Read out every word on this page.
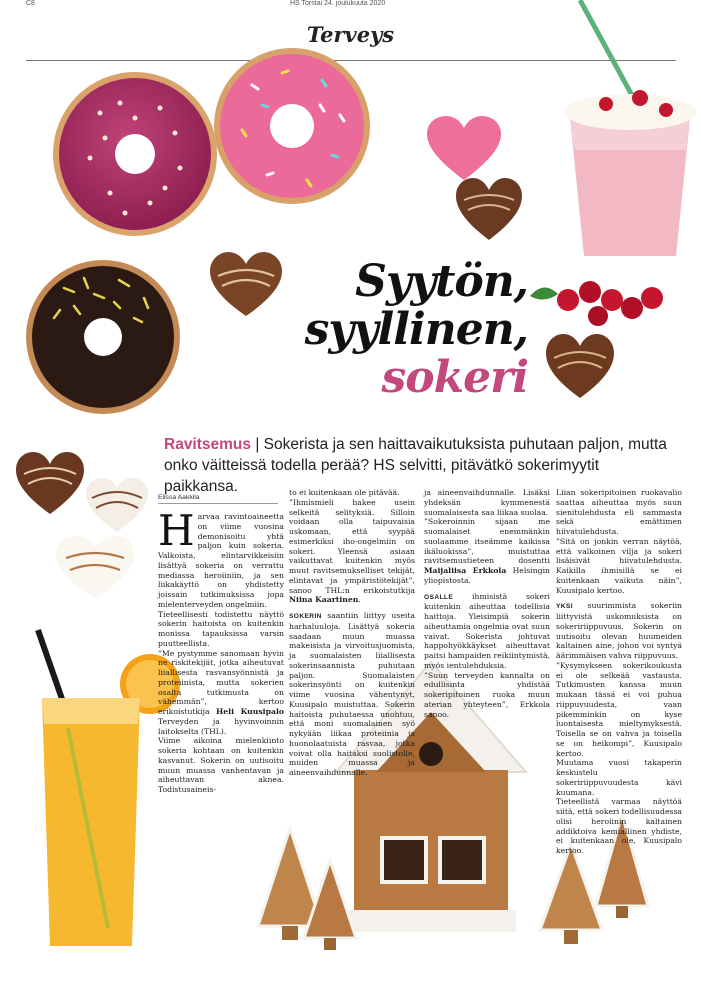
C8	HS Torstai 24. joulukuuta 2020
Terveys
Syytön,
syyllinen,
sokeri
Ravitsemus | Sokerista ja sen haittavaikutuksista puhutaan paljon, mutta onko väitteissä todella perää? HS selvitti, pitävätkö sokerimyytit paikkansa.
Elissa Aakkila

Harvaa ravintoaineetta on viime vuosina demonisoitu yhtä paljon kuin sokeria. Valkoista, elintarvikkeisiin lisättyä sokeria on verrattu mediassa heroiiniin, ja sen liikakäyttö on yhdistetty joissain tutkimuksissa jopa mielenterveyden ongelmiin.

Tieteellisesti todistettu näyttö sokerin haitoista on kuitenkin monissa tapauksissa varsin puutteellista.

”Me pystymme sanomaan hyvin ne riskitekijät, jotka aiheutuvat liiallisesta rasvansyönnistä ja proteiinista, mutta sokerien osalta tutkimusta on vähemmän”, kertoo erikoistutkija Heli Kuusipalo Terveyden ja hyvinvoinnin laitokselta (THL).

Viime aikoina mielenkiinto sokeria kohtaan on kuitenkin kasvanut. Sokerin on uutisoitu muun muassa vanhentavan ja aiheuttavan akneа. Todistusaineis-

to ei kuitenkaan ole pitävää.

”Ihmismieli hakee usein selkeitä selityksiä. Silloin voidaan olla taipuvaisia uskomaan, että syypää esimerkiksi iho-ongelmiin on sokeri. Yleensä asiaan vaikuttavat kuitenkin myös muut ravitsemukselliset tekijät, elintavat ja ympäristötekijät”, sanoo THL:n erikoistutkija Niina Kaartinen.

SOKERIN saantiin liittyy useita harhaluuloja. Lisättyä sokeria saadaan muun muassa makeisista ja virvoitusjuomista, ja suomalaisten liiallisesta sokerinsaannista puhutaan paljon. Suomalaisten sokerinsyönti on kuitenkin viime vuosina vähentynyt, Kuusipalo muistuttaa. Sokerin haitoista puhutaessa unohtuu, että moni suomalainen syö nykyään liikaa proteiinia ja huonolaatuista rasvaa, jotka voivat olla haitaksi suolistolle, muiden muassa ja aineenvaihdunnalle.

ja aineenvaihdunnalle. Lisäksi yhdeksän kymmenestä suomalaisesta saa liikaa suolaa.

”Sokeroinnin sijaan me suomalaiset enemmänkin suolaamme itseämme kaikissa ikäluokissa”, muistuttaa ravitsemustieteen dosentti Maijaliisa Erkkola Helsingin yliopistosta.

OSALLE ihmisistä sokeri kuitenkin aiheuttaa todellisia haittoja. Yleisimpiä sokerin aiheuttamia ongelmia ovat suun vaivat. Sokerista johtuvat happohyökkäykset aiheuttavat paitsi hampaiden reikiintymistä, myös ientulehduksia.

”Suun terveyden kannalta on edullisinta yhdistää sokeripitoinen ruoka muun aterian yhteyteen”, Erkkola sanoo.

Liian sokeripitoinen ruokavalio saattaa aiheuttaa myös suun sienitulehdusta eli sammasta sekä emättimen hiivatulehdusta.

”Sitä on jonkin verran näytöä, että valkoinen vilja ja sokeri lisäisivät hiivatulehdusta. Kaikilla ihmisillä se ei kuitenkaan vaikuta näin”, Kuusipalo kertoo.

YKSI suurimmista sokeriin liittyvistä uskomuksista on sokeririippuvuus. Sokerin on uutisoitu olevan huumeiden kaltainen aine, johon voi syntyä äärimmäisen vahva riippuvuus.

”Kysymykseen sokerikoukusta ei ole selkeää vastausta. Tutkimusten kanssa muun mukaan tässä ei voi puhua riippuvuudesta, vaan pikemminkin on kyse luontaisesta mieltymyksestä. Toisella se on vahva ja toisella se on heikompi”, Kuusipalo kertoo.

Muutama vuosi takaperin keskustelu sokeririippuvuudesta kävi kuumana.

Tieteellistä varmaa näyttöä siitä, että sokeri todellisuudessa olisi heroiinin kaltainen addiktoiva kemiallinen yhdiste, ei kuitenkaan ole, Kuusipalo kertoo.
